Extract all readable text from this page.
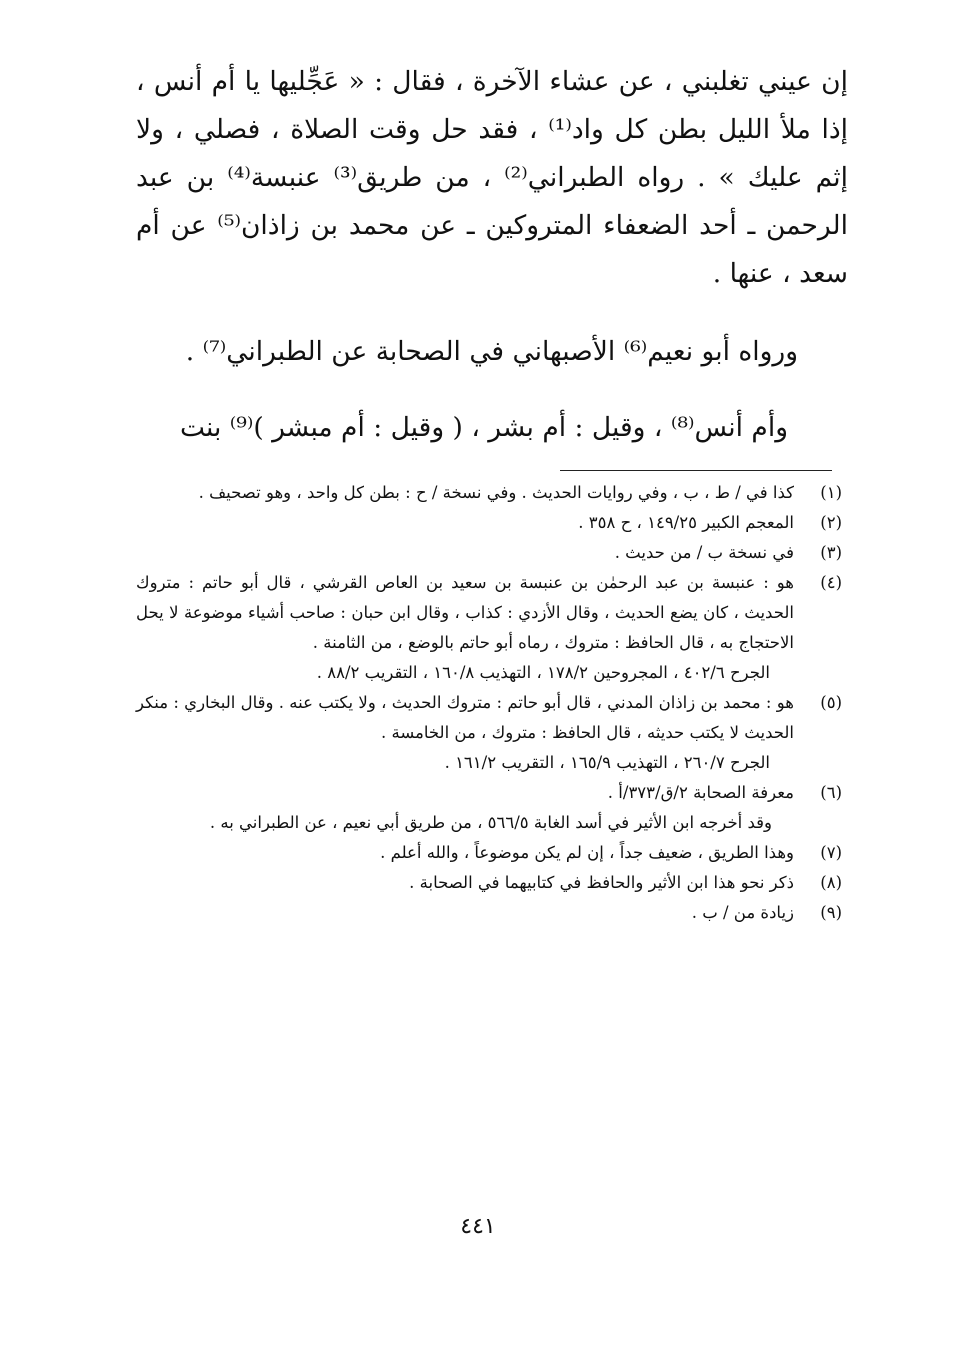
إن عيني تغلبني ، عن عشاء الآخرة ، فقال : « عَجِّليها يا أم أنس ، إذا ملأ الليل بطن كل واد⁽¹⁾ ، فقد حل وقت الصلاة ، فصلي ، ولا إثم عليك » . رواه الطبراني⁽²⁾ ، من طريق⁽³⁾ عنبسة⁽⁴⁾ بن عبد الرحمن ـ أحد الضعفاء المتروكين ـ عن محمد بن زاذان⁽⁵⁾ عن أم سعد ، عنها .

ورواه أبو نعيم⁽⁶⁾ الأصبهاني في الصحابة عن الطبراني⁽⁷⁾ .

وأم أنس⁽⁸⁾ ، وقيل : أم بشر ، ( وقيل : أم مبشر )⁽⁹⁾ بنت

(١)

كذا في / ط ، ب ، وفي روايات الحديث . وفي نسخة / ح : بطن كل واحد ، وهو تصحيف .

(٢)

المعجم الكبير ١٤٩/٢٥ ، ح ٣٥٨ .

(٣)

في نسخة ب / من حديث .

(٤)

هو : عنبسة بن عبد الرحمٰن بن عنبسة بن سعيد بن العاص القرشي ، قال أبو حاتم : متروك الحديث ، كان يضع الحديث ، وقال الأزدي : كذاب ، وقال ابن حبان : صاحب أشياء موضوعة لا يحل الاحتجاج به ، قال الحافظ : متروك ، رماه أبو حاتم بالوضع ، من الثامنة .

الجرح ٤٠٢/٦ ، المجروحين ١٧٨/٢ ، التهذيب ١٦٠/٨ ، التقريب ٨٨/٢ .

(٥)

هو : محمد بن زاذان المدني ، قال أبو حاتم : متروك الحديث ، ولا يكتب عنه . وقال البخاري : منكر الحديث لا يكتب حديثه ، قال الحافظ : متروك ، من الخامسة .

الجرح ٢٦٠/٧ ، التهذيب ١٦٥/٩ ، التقريب ١٦١/٢ .

(٦)

معرفة الصحابة ٢/ق/٣٧٣/أ .

وقد أخرجه ابن الأثير في أسد الغابة ٥٦٦/٥ ، من طريق أبي نعيم ، عن الطبراني به .

(٧)

وهذا الطريق ، ضعيف جداً ، إن لم يكن موضوعاً ، والله أعلم .

(٨)

ذكر نحو هذا ابن الأثير والحافظ في كتابيهما في الصحابة .

(٩)

زيادة من / ب .

٤٤١
